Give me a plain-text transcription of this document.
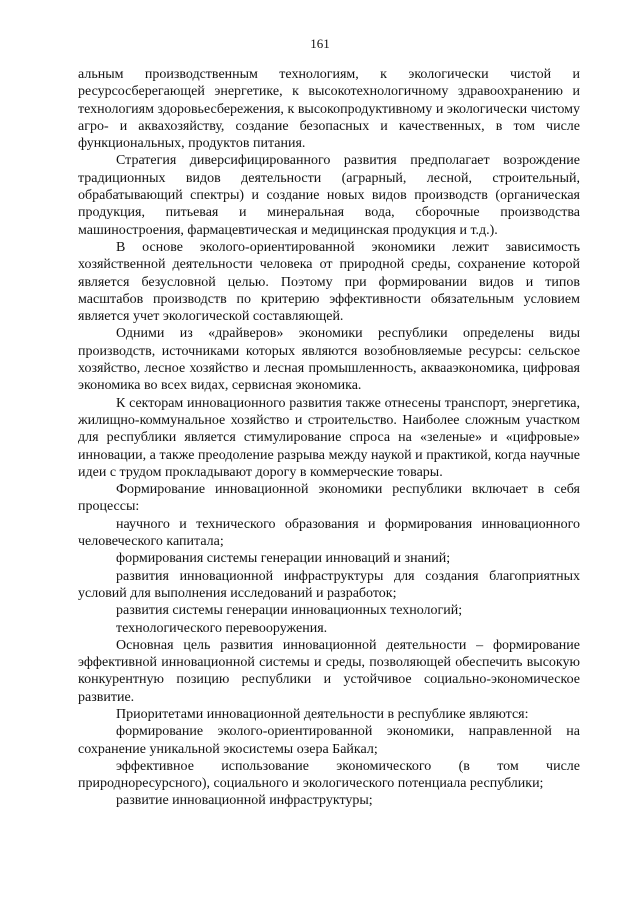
161

альным производственным технологиям, к экологически чистой и ресурсосберегающей энергетике, к высокотехнологичному здравоохранению и технологиям здоровьесбережения, к высокопродуктивному и экологически чистому агро- и аквахозяйству, создание безопасных и качественных, в том числе функциональных, продуктов питания.

Стратегия диверсифицированного развития предполагает возрождение традиционных видов деятельности (аграрный, лесной, строительный, обрабатывающий спектры) и создание новых видов производств (органическая продукция, питьевая и минеральная вода, сборочные производства машиностроения, фармацевтическая и медицинская продукция и т.д.).

В основе эколого-ориентированной экономики лежит зависимость хозяйственной деятельности человека от природной среды, сохранение которой является безусловной целью. Поэтому при формировании видов и типов масштабов производств по критерию эффективности обязательным условием является учет экологической составляющей.

Одними из «драйверов» экономики республики определены виды производств, источниками которых являются возобновляемые ресурсы: сельское хозяйство, лесное хозяйство и лесная промышленность, аквааэкономика, цифровая экономика во всех видах, сервисная экономика.

К секторам инновационного развития также отнесены транспорт, энергетика, жилищно-коммунальное хозяйство и строительство. Наиболее сложным участком для республики является стимулирование спроса на «зеленые» и «цифровые» инновации, а также преодоление разрыва между наукой и практикой, когда научные идеи с трудом прокладывают дорогу в коммерческие товары.

Формирование инновационной экономики республики включает в себя процессы:

научного и технического образования и формирования инновационного человеческого капитала;

формирования системы генерации инноваций и знаний;

развития инновационной инфраструктуры для создания благоприятных условий для выполнения исследований и разработок;

развития системы генерации инновационных технологий;

технологического перевооружения.

Основная цель развития инновационной деятельности – формирование эффективной инновационной системы и среды, позволяющей обеспечить высокую конкурентную позицию республики и устойчивое социально-экономическое развитие.

Приоритетами инновационной деятельности в республике являются:

формирование эколого-ориентированной экономики, направленной на сохранение уникальной экосистемы озера Байкал;

эффективное использование экономического (в том числе природноресурсного), социального и экологического потенциала республики;

развитие инновационной инфраструктуры;
